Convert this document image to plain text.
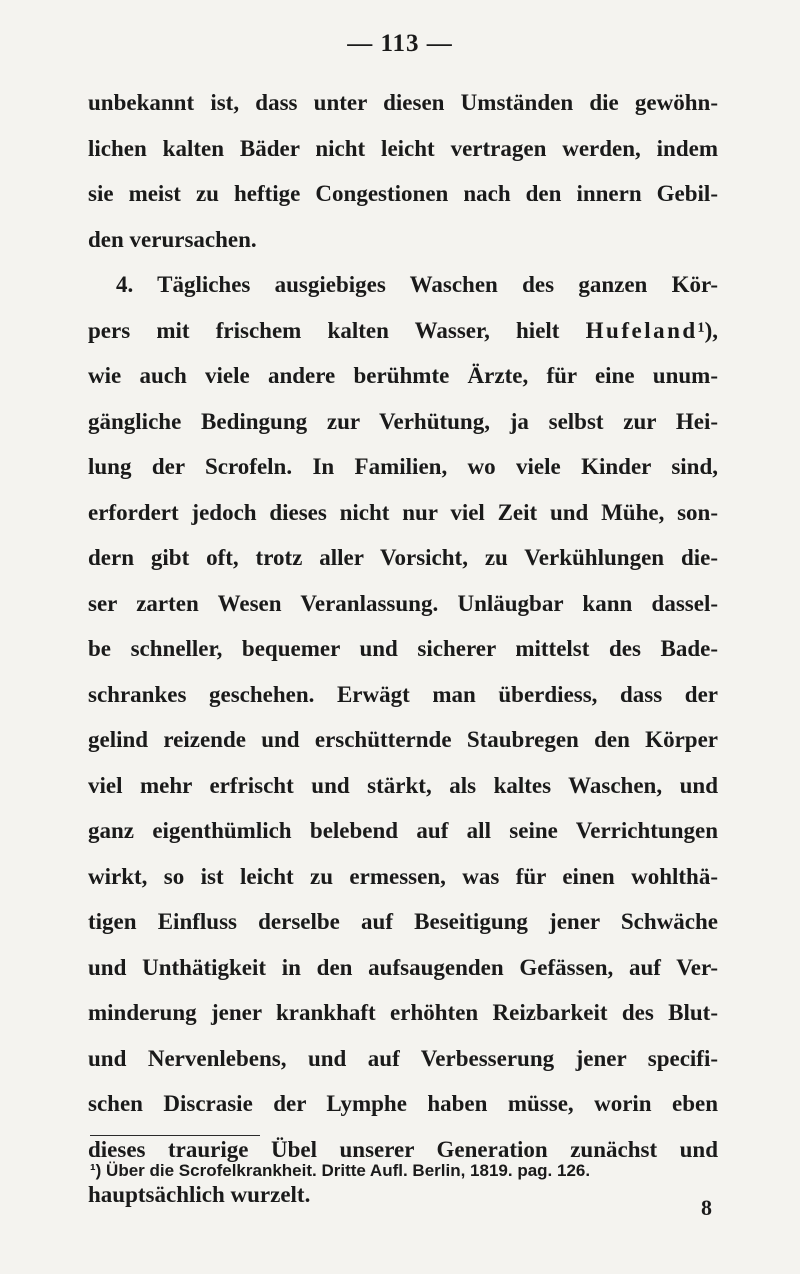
— 113 —
unbekannt ist, dass unter diesen Umständen die gewöhn-
lichen kalten Bäder nicht leicht vertragen werden, indem
sie meist zu heftige Congestionen nach den innern Gebil-
den verursachen.
4. Tägliches ausgiebiges Waschen des ganzen Kör-
pers mit frischem kalten Wasser, hielt Hufeland¹),
wie auch viele andere berühmte Ärzte, für eine unum-
gängliche Bedingung zur Verhütung, ja selbst zur Hei-
lung der Scrofeln. In Familien, wo viele Kinder sind,
erfordert jedoch dieses nicht nur viel Zeit und Mühe, son-
dern gibt oft, trotz aller Vorsicht, zu Verkühlungen die-
ser zarten Wesen Veranlassung. Unläugbar kann dassel-
be schneller, bequemer und sicherer mittelst des Bade-
schrankes geschehen. Erwägt man überdiess, dass der
gelind reizende und erschütternde Staubregen den Körper
viel mehr erfrischt und stärkt, als kaltes Waschen, und
ganz eigenthümlich belebend auf all seine Verrichtungen
wirkt, so ist leicht zu ermessen, was für einen wohlthä-
tigen Einfluss derselbe auf Beseitigung jener Schwäche
und Unthätigkeit in den aufsaugenden Gefässen, auf Ver-
minderung jener krankhaft erhöhten Reizbarkeit des Blut-
und Nervenlebens, und auf Verbesserung jener specifi-
schen Discrasie der Lymphe haben müsse, worin eben
dieses traurige Übel unserer Generation zunächst und
hauptsächlich wurzelt.
¹) Über die Scrofelkrankheit. Dritte Aufl. Berlin, 1819. pag. 126.
8
